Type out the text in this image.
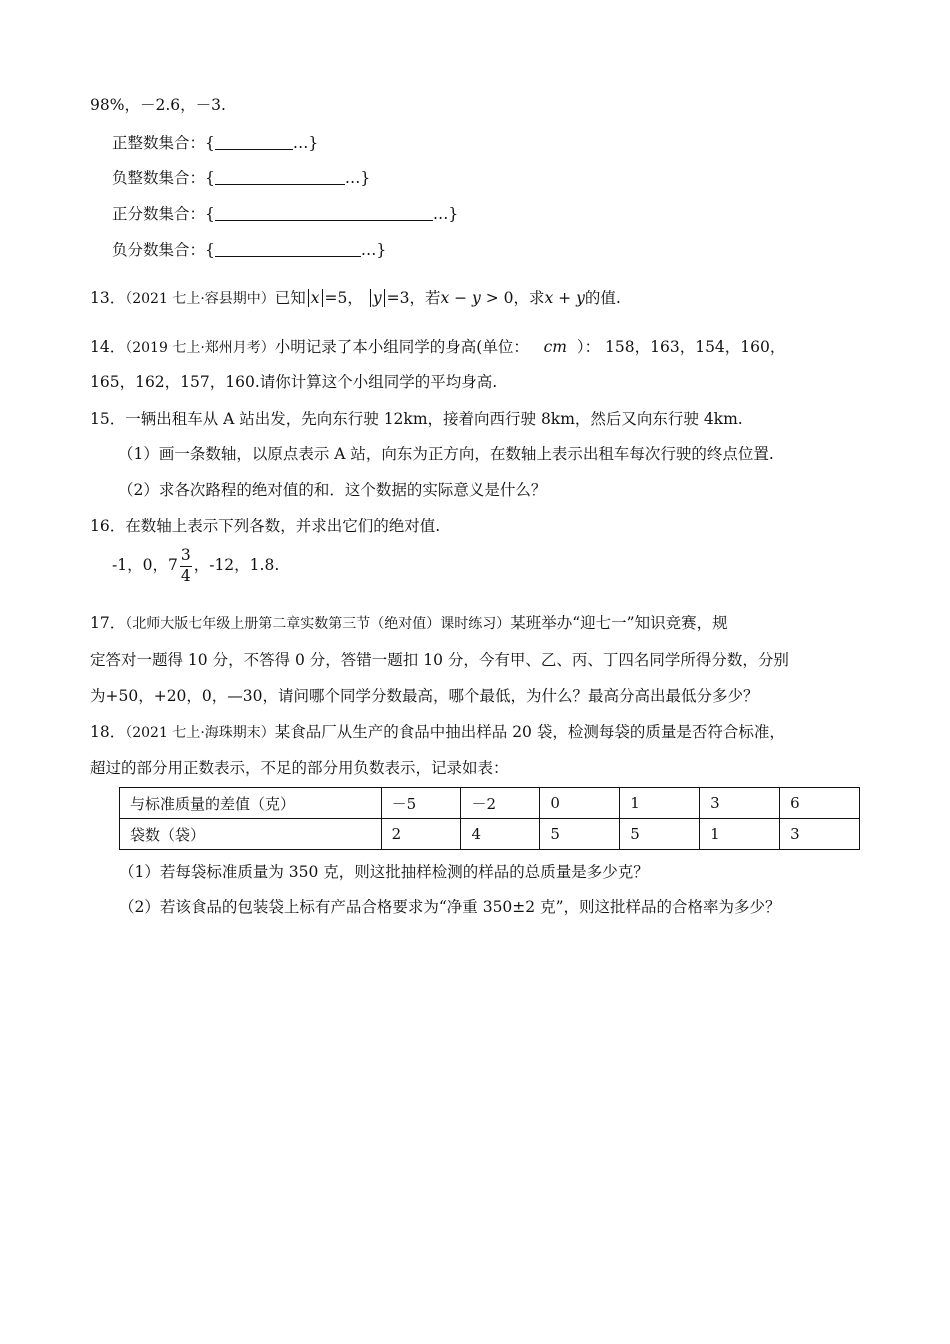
98%，－2.6，－3.
正整数集合：{	…}
负整数集合：{	…}
正分数集合：{	…}
负分数集合：{	…}
13．（2021 七上·容县期中）已知 x =5， y =3，若x − y > 0，求x + y的值.
14．（2019 七上·郑州月考）小明记录了本小组同学的身高(单位： cm ）： 158，163，154，160，
165，162，157，160.请你计算这个小组同学的平均身高.
15．一辆出租车从 A 站出发，先向东行驶 12km，接着向西行驶 8km，然后又向东行驶 4km.
（1）画一条数轴，以原点表示 A 站，向东为正方向，在数轴上表示出租车每次行驶的终点位置.
（2）求各次路程的绝对值的和．这个数据的实际意义是什么？
16．在数轴上表示下列各数，并求出它们的绝对值.
-1，0，$7 \frac{3}{4}$ ，-12，1.8.
17．（北师大版七年级上册第二章实数第三节（绝对值）课时练习）某班举办“迎七一”知识竞赛，规
定答对一题得 10 分，不答得 0 分，答错一题扣 10 分，今有甲、乙、丙、丁四名同学所得分数，分别
为+50，+20，0，—30，请问哪个同学分数最高，哪个最低，为什么？最高分高出最低分多少？
18．（2021 七上·海珠期末）某食品厂从生产的食品中抽出样品 20 袋，检测每袋的质量是否符合标准，
超过的部分用正数表示，不足的部分用负数表示，记录如表：
与标准质量的差值（克）	－5	－2	0	1	3	6
袋数（袋）	2	4	5	5	1	3
（1）若每袋标准质量为 350 克，则这批抽样检测的样品的总质量是多少克？
（2）若该食品的包装袋上标有产品合格要求为“净重 350±2 克”，则这批样品的合格率为多少？
